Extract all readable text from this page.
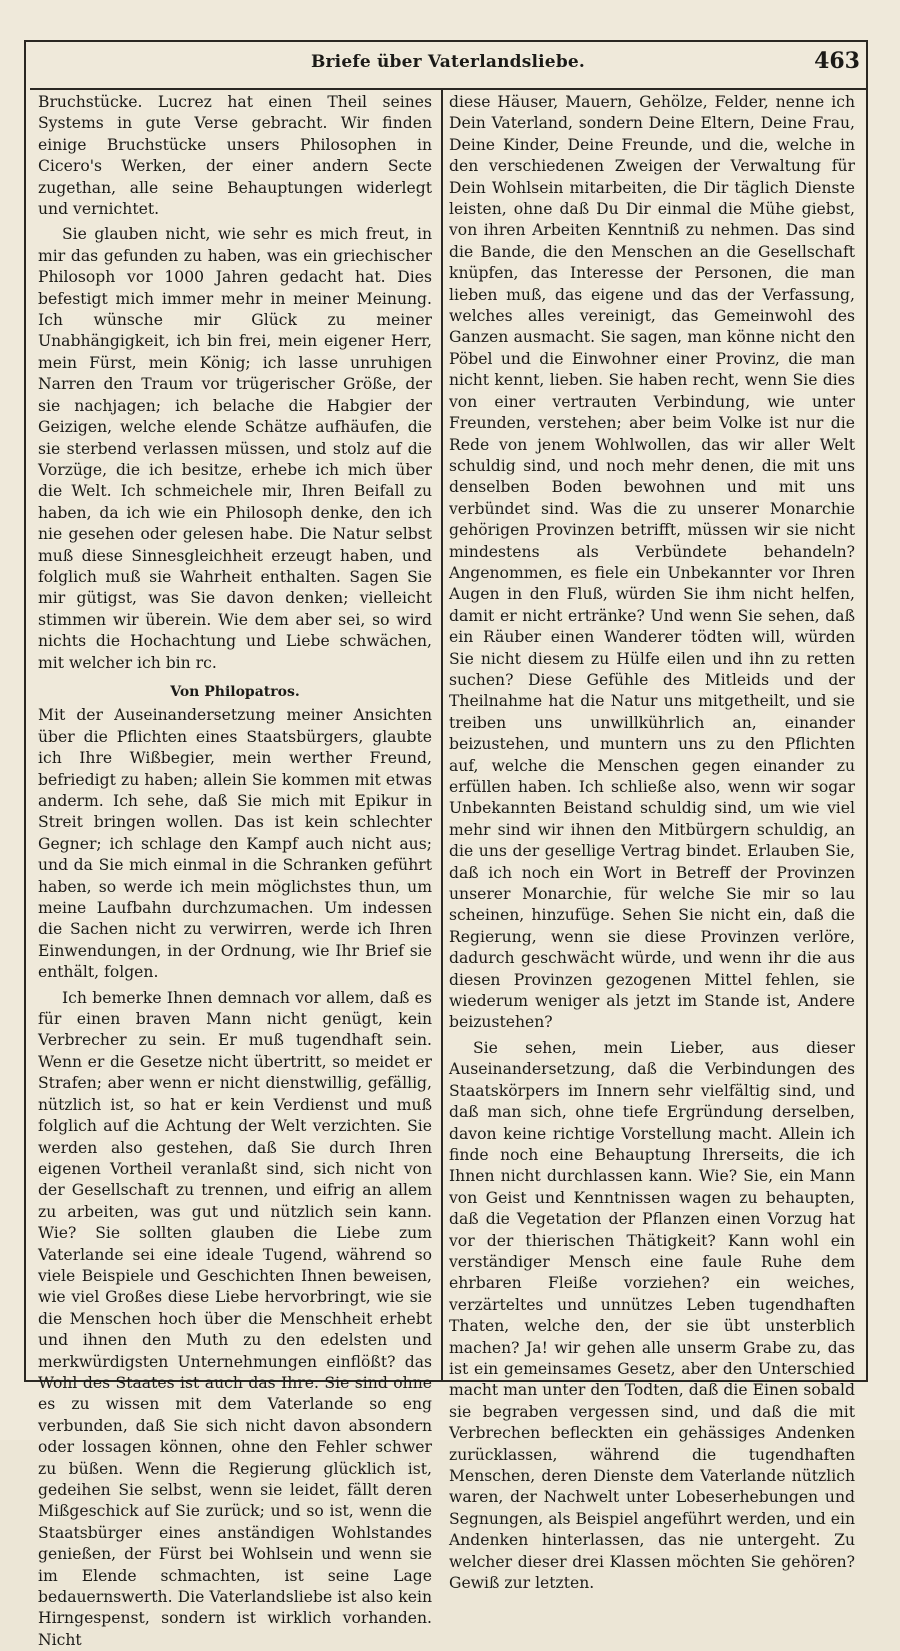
Briefe über Vaterlandsliebe.	463

Bruchstücke. Lucrez hat einen Theil seines Systems in gute Verse gebracht. Wir finden einige Bruchstücke unsers Philosophen in Cicero's Werken, der einer andern Secte zugethan, alle seine Behauptungen widerlegt und vernichtet.

Sie glauben nicht, wie sehr es mich freut, in mir das gefunden zu haben, was ein griechischer Philosoph vor 1000 Jahren gedacht hat. Dies befestigt mich immer mehr in meiner Meinung. Ich wünsche mir Glück zu meiner Unabhängigkeit, ich bin frei, mein eigener Herr, mein Fürst, mein König; ich lasse unruhigen Narren den Traum vor trügerischer Größe, der sie nachjagen; ich belache die Habgier der Geizigen, welche elende Schätze aufhäufen, die sie sterbend verlassen müssen, und stolz auf die Vorzüge, die ich besitze, erhebe ich mich über die Welt. Ich schmeichele mir, Ihren Beifall zu haben, da ich wie ein Philosoph denke, den ich nie gesehen oder gelesen habe. Die Natur selbst muß diese Sinnesgleichheit erzeugt haben, und folglich muß sie Wahrheit enthalten. Sagen Sie mir gütigst, was Sie davon denken; vielleicht stimmen wir überein. Wie dem aber sei, so wird nichts die Hochachtung und Liebe schwächen, mit welcher ich bin rc.

Von Philopatros.

Mit der Auseinandersetzung meiner Ansichten über die Pflichten eines Staatsbürgers, glaubte ich Ihre Wißbegier, mein werther Freund, befriedigt zu haben; allein Sie kommen mit etwas anderm. Ich sehe, daß Sie mich mit Epikur in Streit bringen wollen. Das ist kein schlechter Gegner; ich schlage den Kampf auch nicht aus; und da Sie mich einmal in die Schranken geführt haben, so werde ich mein möglichstes thun, um meine Laufbahn durchzumachen. Um indessen die Sachen nicht zu verwirren, werde ich Ihren Einwendungen, in der Ordnung, wie Ihr Brief sie enthält, folgen.

Ich bemerke Ihnen demnach vor allem, daß es für einen braven Mann nicht genügt, kein Verbrecher zu sein. Er muß tugendhaft sein. Wenn er die Gesetze nicht übertritt, so meidet er Strafen; aber wenn er nicht dienstwillig, gefällig, nützlich ist, so hat er kein Verdienst und muß folglich auf die Achtung der Welt verzichten. Sie werden also gestehen, daß Sie durch Ihren eigenen Vortheil veranlaßt sind, sich nicht von der Gesellschaft zu trennen, und eifrig an allem zu arbeiten, was gut und nützlich sein kann. Wie? Sie sollten glauben die Liebe zum Vaterlande sei eine ideale Tugend, während so viele Beispiele und Geschichten Ihnen beweisen, wie viel Großes diese Liebe hervorbringt, wie sie die Menschen hoch über die Menschheit erhebt und ihnen den Muth zu den edelsten und merkwürdigsten Unternehmungen einflößt? das Wohl des Staates ist auch das Ihre. Sie sind ohne es zu wissen mit dem Vaterlande so eng verbunden, daß Sie sich nicht davon absondern oder lossagen können, ohne den Fehler schwer zu büßen. Wenn die Regierung glücklich ist, gedeihen Sie selbst, wenn sie leidet, fällt deren Mißgeschick auf Sie zurück; und so ist, wenn die Staatsbürger eines anständigen Wohlstandes genießen, der Fürst bei Wohlsein und wenn sie im Elende schmachten, ist seine Lage bedauernswerth. Die Vaterlandsliebe ist also kein Hirngespenst, sondern ist wirklich vorhanden. Nicht

diese Häuser, Mauern, Gehölze, Felder, nenne ich Dein Vaterland, sondern Deine Eltern, Deine Frau, Deine Kinder, Deine Freunde, und die, welche in den verschiedenen Zweigen der Verwaltung für Dein Wohlsein mitarbeiten, die Dir täglich Dienste leisten, ohne daß Du Dir einmal die Mühe giebst, von ihren Arbeiten Kenntniß zu nehmen. Das sind die Bande, die den Menschen an die Gesellschaft knüpfen, das Interesse der Personen, die man lieben muß, das eigene und das der Verfassung, welches alles vereinigt, das Gemeinwohl des Ganzen ausmacht. Sie sagen, man könne nicht den Pöbel und die Einwohner einer Provinz, die man nicht kennt, lieben. Sie haben recht, wenn Sie dies von einer vertrauten Verbindung, wie unter Freunden, verstehen; aber beim Volke ist nur die Rede von jenem Wohlwollen, das wir aller Welt schuldig sind, und noch mehr denen, die mit uns denselben Boden bewohnen und mit uns verbündet sind. Was die zu unserer Monarchie gehörigen Provinzen betrifft, müssen wir sie nicht mindestens als Verbündete behandeln? Angenommen, es fiele ein Unbekannter vor Ihren Augen in den Fluß, würden Sie ihm nicht helfen, damit er nicht ertränke? Und wenn Sie sehen, daß ein Räuber einen Wanderer tödten will, würden Sie nicht diesem zu Hülfe eilen und ihn zu retten suchen? Diese Gefühle des Mitleids und der Theilnahme hat die Natur uns mitgetheilt, und sie treiben uns unwillkührlich an, einander beizustehen, und muntern uns zu den Pflichten auf, welche die Menschen gegen einander zu erfüllen haben. Ich schließe also, wenn wir sogar Unbekannten Beistand schuldig sind, um wie viel mehr sind wir ihnen den Mitbürgern schuldig, an die uns der gesellige Vertrag bindet. Erlauben Sie, daß ich noch ein Wort in Betreff der Provinzen unserer Monarchie, für welche Sie mir so lau scheinen, hinzufüge. Sehen Sie nicht ein, daß die Regierung, wenn sie diese Provinzen verlöre, dadurch geschwächt würde, und wenn ihr die aus diesen Provinzen gezogenen Mittel fehlen, sie wiederum weniger als jetzt im Stande ist, Andere beizustehen?

Sie sehen, mein Lieber, aus dieser Auseinandersetzung, daß die Verbindungen des Staatskörpers im Innern sehr vielfältig sind, und daß man sich, ohne tiefe Ergründung derselben, davon keine richtige Vorstellung macht. Allein ich finde noch eine Behauptung Ihrerseits, die ich Ihnen nicht durchlassen kann. Wie? Sie, ein Mann von Geist und Kenntnissen wagen zu behaupten, daß die Vegetation der Pflanzen einen Vorzug hat vor der thierischen Thätigkeit? Kann wohl ein verständiger Mensch eine faule Ruhe dem ehrbaren Fleiße vorziehen? ein weiches, verzärteltes und unnützes Leben tugendhaften Thaten, welche den, der sie übt unsterblich machen? Ja! wir gehen alle unserm Grabe zu, das ist ein gemeinsames Gesetz, aber den Unterschied macht man unter den Todten, daß die Einen sobald sie begraben vergessen sind, und daß die mit Verbrechen befleckten ein gehässiges Andenken zurücklassen, während die tugendhaften Menschen, deren Dienste dem Vaterlande nützlich waren, der Nachwelt unter Lobeserhebungen und Segnungen, als Beispiel angeführt werden, und ein Andenken hinterlassen, das nie untergeht. Zu welcher dieser drei Klassen möchten Sie gehören? Gewiß zur letzten.
